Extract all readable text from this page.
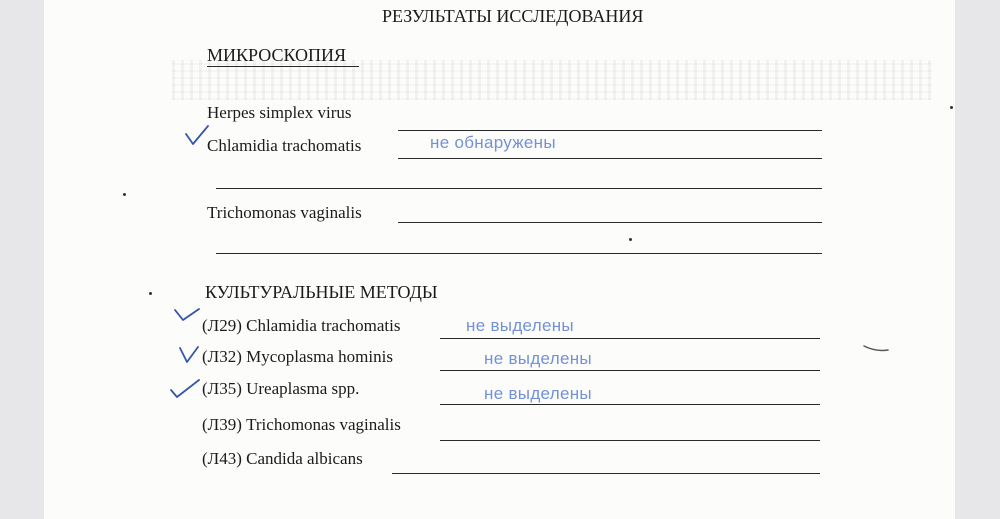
РЕЗУЛЬТАТЫ ИССЛЕДОВАНИЯ
МИКРОСКОПИЯ
Herpes simplex virus
Chlamidia trachomatis	не обнаружены
Trichomonas vaginalis
КУЛЬТУРАЛЬНЫЕ МЕТОДЫ
(Л29) Chlamidia trachomatis	не выделены
(Л32) Mycoplasma hominis	не выделены
(Л35) Ureaplasma spp.	не выделены
(Л39) Trichomonas vaginalis
(Л43) Candida albicans
